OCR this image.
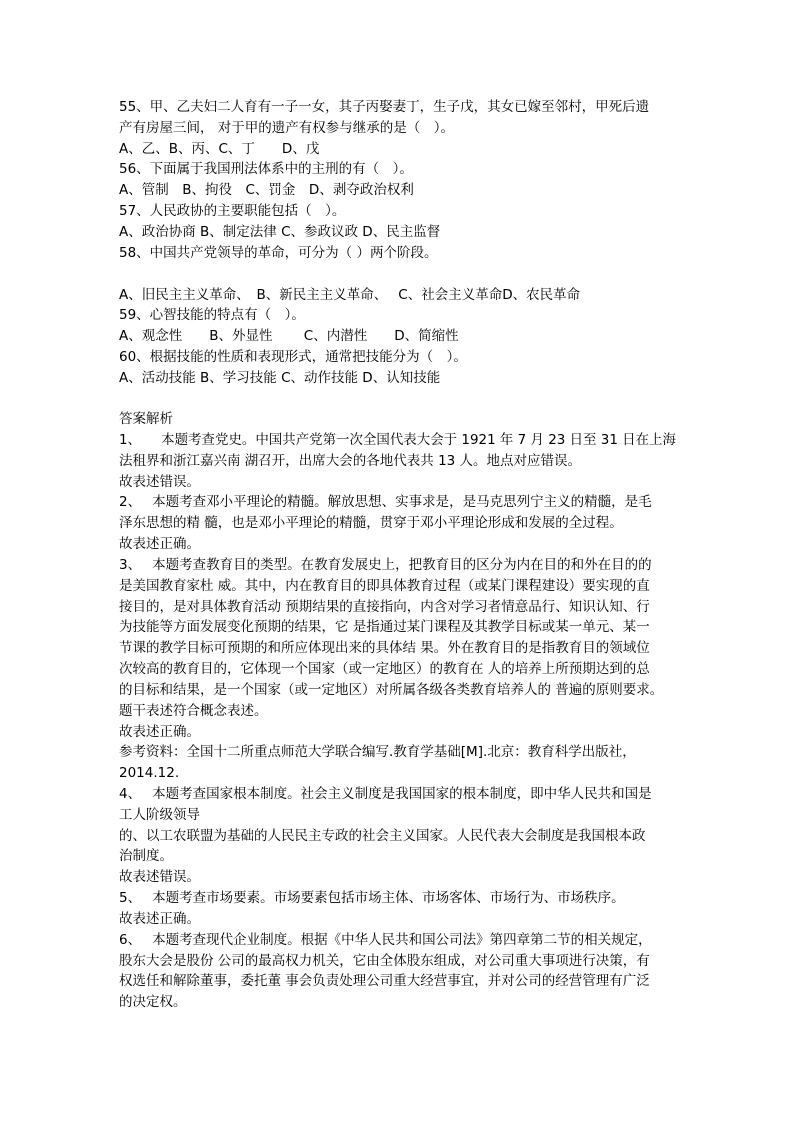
55、甲、乙夫妇二人育有一子一女，其子丙娶妻丁，生子戊，其女已嫁至邻村，甲死后遗
产有房屋三间， 对于甲的遗产有权参与继承的是（　）。
A、乙、B、丙、C、丁　　D、戊
56、下面属于我国刑法体系中的主刑的有（　）。
A、管制　B、拘役　C、罚金　D、剥夺政治权利
57、人民政协的主要职能包括（　）。
A、政治协商 B、制定法律 C、参政议政 D、民主监督
58、中国共产党领导的革命，可分为（ ）两个阶段。
A、旧民主主义革命、　B、新民主主义革命、　 C、社会主义革命D、农民革命
59、心智技能的特点有（　）。
A、观念性　　B、外显性　　 C、内潜性　　D、简缩性
60、根据技能的性质和表现形式，通常把技能分为（　）。
A、活动技能 B、学习技能 C、动作技能 D、认知技能
答案解析
1、　　本题考查党史。中国共产党第一次全国代表大会于 1921 年 7 月 23 日至 31 日在上海
法租界和浙江嘉兴南 湖召开，出席大会的各地代表共 13 人。地点对应错误。
故表述错误。
2、　 本题考查邓小平理论的精髓。解放思想、实事求是，是马克思列宁主义的精髓，是毛
泽东思想的精 髓，也是邓小平理论的精髓，贯穿于邓小平理论形成和发展的全过程。
故表述正确。
3、　 本题考查教育目的类型。在教育发展史上，把教育目的区分为内在目的和外在目的的
是美国教育家杜 威。其中，内在教育目的即具体教育过程（或某门课程建设）要实现的直
接目的，是对具体教育活动 预期结果的直接指向，内含对学习者情意品行、知识认知、行
为技能等方面发展变化预期的结果，它 是指通过某门课程及其教学目标或某一单元、某一
节课的教学目标可预期的和所应体现出来的具体结 果。外在教育目的是指教育目的领域位
次较高的教育目的，它体现一个国家（或一定地区）的教育在 人的培养上所预期达到的总
的目标和结果，是一个国家（或一定地区）对所属各级各类教育培养人的 普遍的原则要求。
题干表述符合概念表述。
故表述正确。
参考资料：全国十二所重点师范大学联合编写.教育学基础[M].北京：教育科学出版社，
2014.12.
4、　 本题考查国家根本制度。社会主义制度是我国国家的根本制度，即中华人民共和国是
工人阶级领导
的、以工农联盟为基础的人民民主专政的社会主义国家。人民代表大会制度是我国根本政
治制度。
故表述错误。
5、　 本题考查市场要素。市场要素包括市场主体、市场客体、市场行为、市场秩序。
故表述正确。
6、　 本题考查现代企业制度。根据《中华人民共和国公司法》第四章第二节的相关规定，
股东大会是股份 公司的最高权力机关，它由全体股东组成，对公司重大事项进行决策，有
权选任和解除董事，委托董 事会负责处理公司重大经营事宜，并对公司的经营管理有广泛
的决定权。
